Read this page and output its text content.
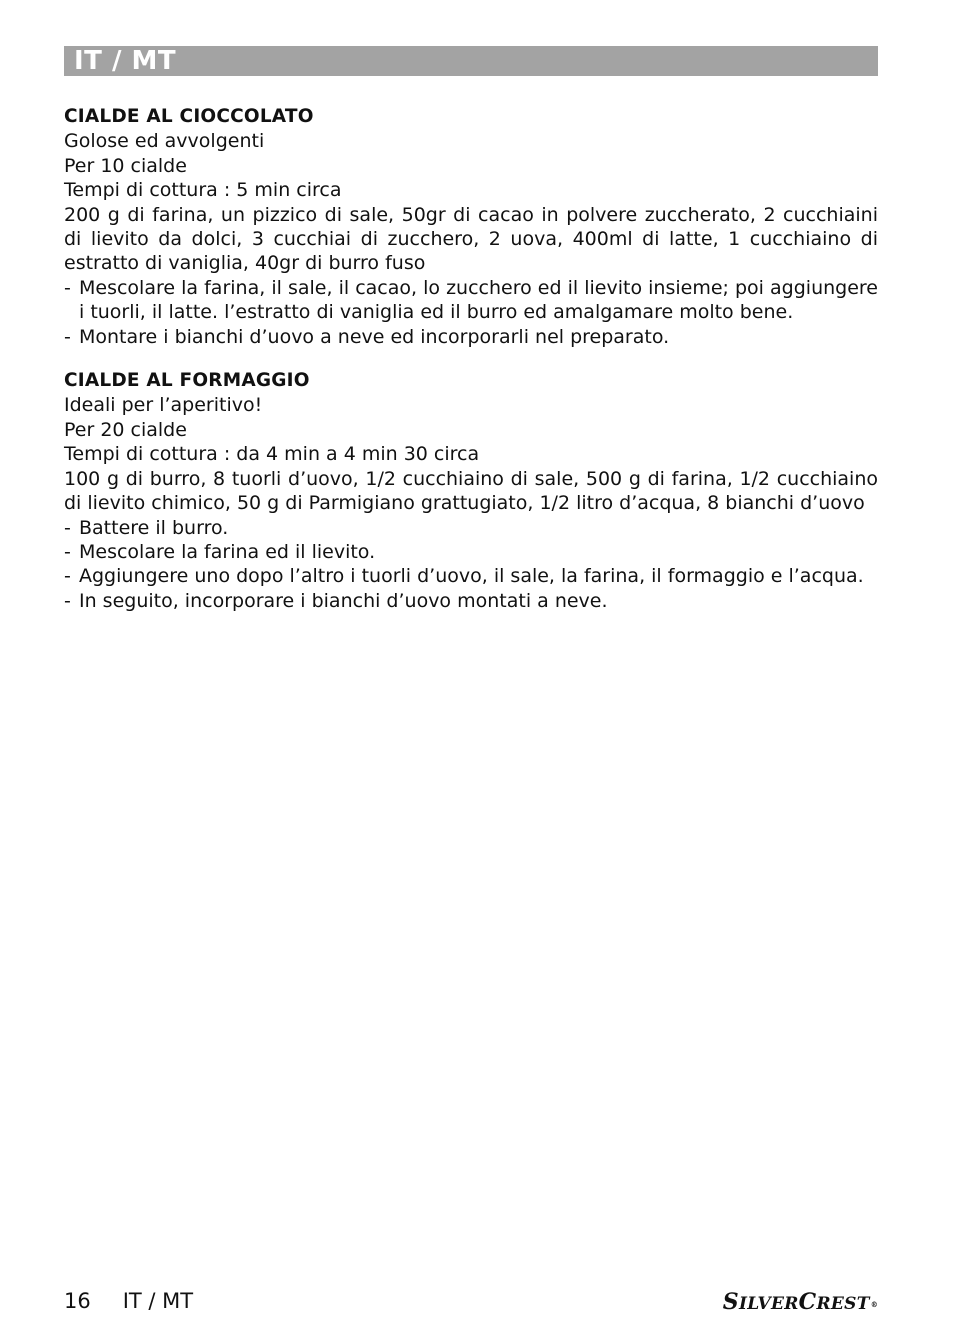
IT / MT
CIALDE AL CIOCCOLATO
Golose ed avvolgenti
Per 10 cialde
Tempi di cottura : 5 min circa
200 g di farina, un pizzico di sale, 50gr di cacao in polvere zuccherato, 2 cucchiaini di lievito da dolci, 3 cucchiai di zucchero, 2 uova, 400ml di latte, 1 cucchiaino di estratto di vaniglia, 40gr di burro fuso
- Mescolare la farina, il sale, il cacao, lo zucchero ed il lievito insieme; poi aggiungere i tuorli, il latte. l’estratto di vaniglia ed il burro ed amalgamare molto bene.
- Montare i bianchi d’uovo a neve ed incorporarli nel preparato.
CIALDE AL FORMAGGIO
Ideali per l’aperitivo!
Per 20 cialde
Tempi di cottura : da 4 min a 4 min 30 circa
100 g di burro, 8 tuorli d’uovo, 1/2 cucchiaino di sale, 500 g di farina, 1/2 cucchiaino di lievito chimico, 50 g di Parmigiano grattugiato, 1/2 litro d’acqua, 8 bianchi d’uovo
- Battere il burro.
- Mescolare la farina ed il lievito.
- Aggiungere uno dopo l’altro i tuorli d’uovo, il sale, la farina, il formaggio e l’acqua.
- In seguito, incorporare i bianchi d’uovo montati a neve.
16 IT / MT	SILVERCREST®
